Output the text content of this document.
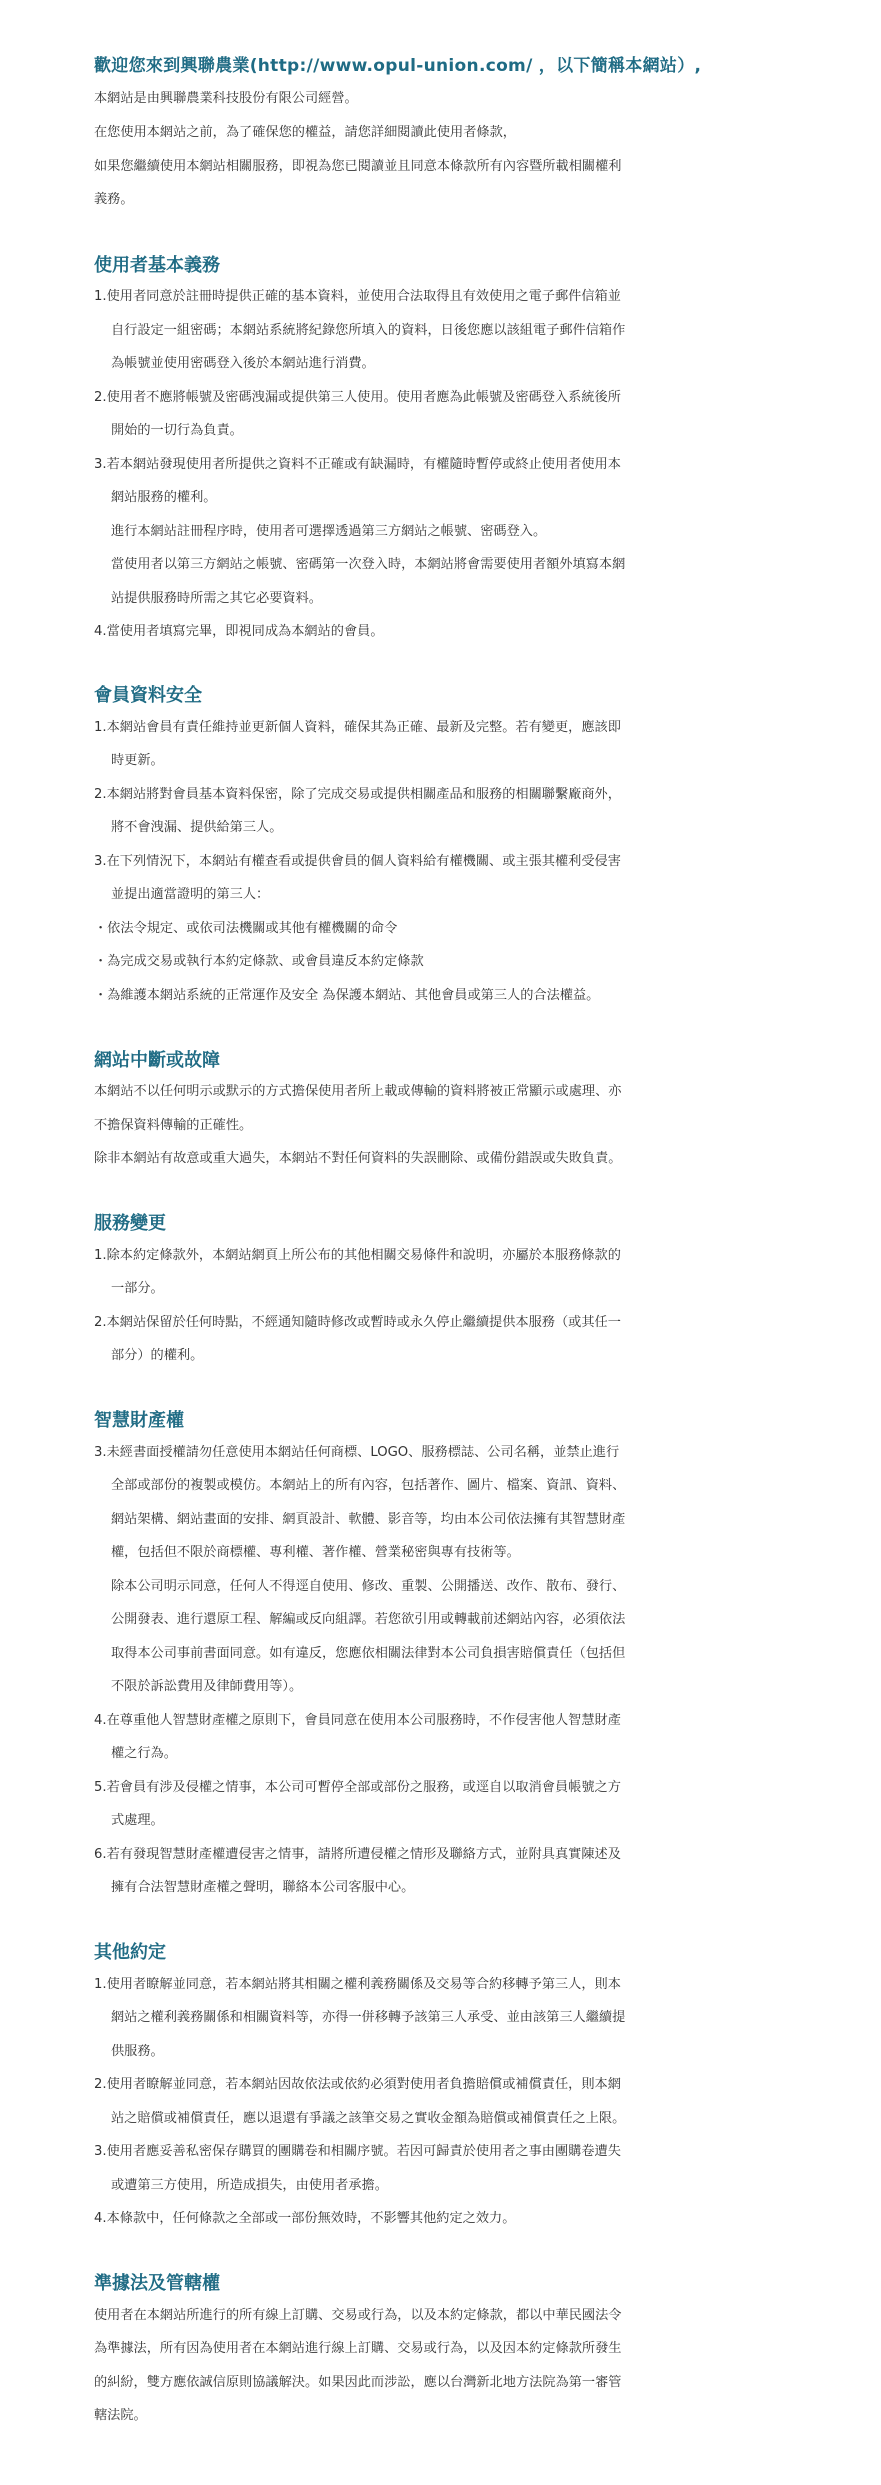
歡迎您來到興聯農業(http://www.opul-union.com/ ，以下簡稱本網站）,

本網站是由興聯農業科技股份有限公司經營。

在您使用本網站之前，為了確保您的權益，請您詳細閱讀此使用者條款，

如果您繼續使用本網站相關服務，即視為您已閱讀並且同意本條款所有內容暨所載相關權利

義務。

使用者基本義務

1.使用者同意於註冊時提供正確的基本資料，並使用合法取得且有效使用之電子郵件信箱並

自行設定一組密碼；本網站系統將紀錄您所填入的資料，日後您應以該組電子郵件信箱作

為帳號並使用密碼登入後於本網站進行消費。

2.使用者不應將帳號及密碼洩漏或提供第三人使用。使用者應為此帳號及密碼登入系統後所

開始的一切行為負責。

3.若本網站發現使用者所提供之資料不正確或有缺漏時，有權隨時暫停或終止使用者使用本

網站服務的權利。

進行本網站註冊程序時，使用者可選擇透過第三方網站之帳號、密碼登入。

當使用者以第三方網站之帳號、密碼第一次登入時，本網站將會需要使用者額外填寫本網

站提供服務時所需之其它必要資料。

4.當使用者填寫完畢，即視同成為本網站的會員。

會員資料安全

1.本網站會員有責任維持並更新個人資料，確保其為正確、最新及完整。若有變更，應該即

時更新。

2.本網站將對會員基本資料保密，除了完成交易或提供相關產品和服務的相關聯繫廠商外，

將不會洩漏、提供給第三人。

3.在下列情況下，本網站有權查看或提供會員的個人資料給有權機關、或主張其權利受侵害

並提出適當證明的第三人：

・依法令規定、或依司法機關或其他有權機關的命令

・為完成交易或執行本約定條款、或會員違反本約定條款

・為維護本網站系統的正常運作及安全 為保護本網站、其他會員或第三人的合法權益。

網站中斷或故障

本網站不以任何明示或默示的方式擔保使用者所上載或傳輸的資料將被正常顯示或處理、亦

不擔保資料傳輸的正確性。

除非本網站有故意或重大過失，本網站不對任何資料的失誤刪除、或備份錯誤或失敗負責。

服務變更

1.除本約定條款外，本網站網頁上所公布的其他相關交易條件和說明，亦屬於本服務條款的

一部分。

2.本網站保留於任何時點，不經通知隨時修改或暫時或永久停止繼續提供本服務（或其任一

部分）的權利。

智慧財產權

3.未經書面授權請勿任意使用本網站任何商標、LOGO、服務標誌、公司名稱，並禁止進行

全部或部份的複製或模仿。本網站上的所有內容，包括著作、圖片、檔案、資訊、資料、

網站架構、網站畫面的安排、網頁設計、軟體、影音等，均由本公司依法擁有其智慧財產

權，包括但不限於商標權、專利權、著作權、營業秘密與專有技術等。

除本公司明示同意，任何人不得逕自使用、修改、重製、公開播送、改作、散布、發行、

公開發表、進行還原工程、解編或反向組譯。若您欲引用或轉載前述網站內容，必須依法

取得本公司事前書面同意。如有違反，您應依相關法律對本公司負損害賠償責任（包括但

不限於訴訟費用及律師費用等）。

4.在尊重他人智慧財產權之原則下，會員同意在使用本公司服務時，不作侵害他人智慧財產

權之行為。

5.若會員有涉及侵權之情事，本公司可暫停全部或部份之服務，或逕自以取消會員帳號之方

式處理。

6.若有發現智慧財產權遭侵害之情事，請將所遭侵權之情形及聯絡方式，並附具真實陳述及

擁有合法智慧財產權之聲明，聯絡本公司客服中心。

其他約定

1.使用者瞭解並同意，若本網站將其相關之權利義務關係及交易等合約移轉予第三人，則本

網站之權利義務關係和相關資料等，亦得一併移轉予該第三人承受、並由該第三人繼續提

供服務。

2.使用者瞭解並同意，若本網站因故依法或依約必須對使用者負擔賠償或補償責任，則本網

站之賠償或補償責任，應以退還有爭議之該筆交易之實收金額為賠償或補償責任之上限。

3.使用者應妥善私密保存購買的團購卷和相關序號。若因可歸責於使用者之事由團購卷遭失

或遭第三方使用，所造成損失，由使用者承擔。

4.本條款中，任何條款之全部或一部份無效時，不影響其他約定之效力。

準據法及管轄權

使用者在本網站所進行的所有線上訂購、交易或行為，以及本約定條款，都以中華民國法令

為準據法，所有因為使用者在本網站進行線上訂購、交易或行為，以及因本約定條款所發生

的糾紛，雙方應依誠信原則協議解決。如果因此而涉訟，應以台灣新北地方法院為第一審管

轄法院。
